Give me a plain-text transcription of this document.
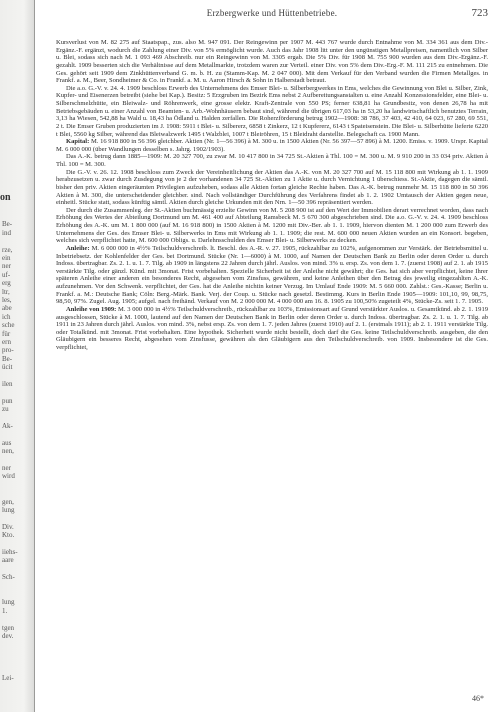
on
Be-
ind
rze,
ein
ner
uf-
erg
ltr,
les,
abe
ich
sche
für
ern
pro-
Be-
ücit
ilen
pun
zu
Ak-
aus
nen,
ner
wird
gen,
lung
Div.
Kto.
iiehs-
aare
Sch-
lung
1.
tgen
dev.
Lei-
Erzbergwerke und Hüttenbetriebe.	723

Kursverlust von M. 82 275 auf Staatspap., zus. also M. 947 091. Der Reingewinn per 1907 M. 443 767 wurde durch Entnahme von M. 334 361 aus dem Div.-Ergänz.-F. ergänzt, wodurch die Zahlung einer Div. von 5% ermöglicht wurde. Auch das Jahr 1908 litt unter den ungünstigen Metallpreisen, namentlich von Silber u. Blei, sodass sich nach M. 1 093 469 Abschreib. nur ein Reingewinn von M. 3305 ergab. Die 5% Div. für 1908 M. 755 900 wurden aus dem Div.-Ergänz.-F. gezahlt. 1909 besserten sich die Verhältnisse auf dem Metallmarkte, trotzdem waren zur Verteil. einer Div. von 5% dem Div.-Erg.-F. M. 111 215 zu entnehmen. Die Ges. gehört seit 1909 dem Zinkhüttenverband G. m. b. H. zu (Stamm-Kap. M. 2 047 000). Mit dem Verkauf für den Verband wurden die Firmen Metallges. in Frankf. a. M., Beer, Sondheimer & Co. in Frankf. a. M. u. Aaron Hirsch & Sohn in Halberstadt betraut.

Die a.o. G.-V. v. 24. 4. 1909 beschloss Erwerb des Unternehmens des Emser Blei- u. Silberbergwerkes in Ems, welches die Gewinnung von Blei u. Silber, Zink, Kupfer- und Eisenerzen betreibt (siehe bei Kap.). Besitz: 5 Erzgruben im Bezirk Ems nebst 2 Aufbereitungsanstalten u. eine Anzahl Konzessionsfelder, eine Blei- u. Silberschmelzhütte, ein Bleiwalz- und Röhrenwerk, eine grosse elektr. Kraft-Zentrale von 550 PS; ferner 638,81 ha Grundbesitz, von denen 26,78 ha mit Betriebsgebäuden u. einer Anzahl von Beamten- u. Arb.-Wohnhäusern bebaut sind, während die übrigen 617,03 ha in 53,20 ha landwirtschaftlich benutztes Terrain, 3,13 ha Wiesen, 542,88 ha Wald u. 18,43 ha Ödland u. Halden zerfallen. Die Roherzförderung betrug 1902—1908: 38 786, 37 403, 42 410, 64 023, 67 280, 69 551, 2 t. Die Emser Gruben produzierten im J. 1908: 5911 t Blei- u. Silbererz, 6858 t Zinkerz, 12 t Kupfererz, 6143 t Spateisenstein. Die Blei- u. Silberhütte lieferte 6220 t Blei, 5560 kg Silber, während das Bleiwalzwerk 1495 t Walzblei, 1007 t Bleiröhren, 15 t Bleidraht darstellte. Belegschaft ca. 1900 Mann.

Kapital: M. 16 918 800 in 56 396 gleichber. Aktien (Nr. 1—56 396) à M. 300 u. in 1500 Aktien (Nr. 56 397—57 896) à M. 1200. Emiss. v. 1909. Urspr. Kapital M. 6 000 000 (über Wandlungen desselben s. Jahrg. 1902/1903).

Das A.-K. betrug dann 1885—1909: M. 20 327 700, zu zwar M. 10 417 800 in 34 725 St.-Aktien à Thl. 100 = M. 300 u. M. 9 910 200 in 33 034 priv. Aktien à Thl. 100 = M. 300.

Die G.-V. v. 26. 12. 1908 beschloss zum Zweck der Vereinheitlichung der Aktien das A.-K. von M. 20 327 700 auf M. 15 118 800 mit Wirkung ab 1. 1. 1909 herabzusetzen u. zwar durch Zusdegung von je 2 der vorhandenen 34 725 St.-Aktien zu 1 Aktie u. durch Vernichtung 1 überschiess. St.-Aktie, dagegen die sämtl. bisher den priv. Aktien eingeräumten Privilegien aufzuheben, sodass alle Aktien fortan gleiche Rechte haben. Das A.-K. betrug nunmehr M. 15 118 800 in 50 396 Aktien à M. 300, die unterscheidender gleichber. sind. Nach vollständiger Durchführung des Verfahrens findet ab 1. 2. 1902 Umtausch der Aktien gegen neue, einheitl. Stücke statt, sodass künftig sämtl. Aktien durch gleiche Urkunden mit den Nrn. 1—50 396 repräsentiert werden.

Der durch die Zusammenleg. der St.-Aktien buchmässig erzielte Gewinn von M. 5 208 900 ist auf den Wert der Immobilien derart verrechnet worden, dass nach Erhöhung des Wertes der Abteilung Dortmund um M. 461 400 auf Abteilung Ramsbeck M. 5 670 300 abgeschrieben sind. Die a.o. G.-V. v. 24. 4. 1909 beschloss Erhöhung des A.-K. um M. 1 800 000 (auf M. 16 918 800) in 1500 Aktien à M. 1200 mit Div.-Ber. ab 1. 1. 1909, hiervon dienten M. 1 200 000 zum Erwerb des Unternehmens der Ges. des Emser Blei- u. Silberwerks in Ems mit Wirkung ab 1. 1. 1909; die rest. M. 600 000 neuen Aktien wurden an ein Konsort. begeben, welches sich verpflichtet hatte, M. 600 000 Obligs. u. Darlehnsschulden des Emser Blei- u. Silberwerks zu decken.

Anleihe: M. 6 000 000 in 4½% Teilschuldverschreib. lt. Beschl. des A.-R. v. 27. 1905, rückzahlbar zu 102%, aufgenommen zur Verstärk. der Betriebsmittel u. Inbetriebsetz. der Kohlenfelder der Ges. bei Dortmund. Stücke (Nr. 1—6000) à M. 1000, auf Namen der Deutschen Bank zu Berlin oder deren Order u. durch Indoss. übertragbar. Zs. 2. 1. u. 1. 7. Tilg. ab 1909 in längstens 22 Jahren durch jährl. Auslos. von mind. 3% u. ersp. Zs. von dem 1. 7. (zuerst 1908) auf 2. 1. ab 1915 verstärkte Tilg. oder gänzl. Künd. mit 3monat. Frist vorbehalten. Spezielle Sicherheit ist der Anleihe nicht gewährt; die Ges. hat sich aber verpflichtet, keine Ihrer späteren Anleihe einer anderen ein besonderes Recht, abgesehen vom Zinsfuss, gewähren, und keine Anleihen über den Betrag des jeweilig eingezahlten A.-K. aufzunehmen. Vor den Schwenk. verpflichtet, der Ges. hat die Anleihe nichtin keiner Verzug. Im Umlauf Ende 1909: M. 5 660 000. Zahlst.: Ges.-Kasse; Berlin u. Frankf. a. M.: Deutsche Bank; Cöln: Berg.-Märk. Bank. Verj. der Coup. u. Stücke nach gesetzl. Bestimmg. Kurs in Berlin Ende 1905—1909: 101,10, 99, 98,75, 98,50, 97%. Zugel. Aug. 1905; aufgel. nach freihänd. Verkauf von M. 2 000 000 M. 4 000 000 am 16. 8. 1905 zu 100,50% zugeteilt 4%, Stücke-Zs. seit 1. 7. 1905.

Anleihe von 1909: M. 3 000 000 in 4½% Teilschuldverschreib., rückzahlbar zu 103%, Emissionsart auf Grund verstärkter Auslos. u. Gesamtkünd. ab 2. 1. 1919 ausgeschlossen, Stücke à M. 1000, lautend auf den Namen der Deutschen Bank in Berlin oder deren Order u. durch Indoss. übertragbar. Zs. 2. 1. u. 1. 7. Tilg. ab 1911 in 23 Jahren durch jährl. Auslos. von mind. 3%, nebst ersp. Zs. von dem 1. 7. jeden Jahres (zuerst 1910) auf 2. 1. (erstmals 1911); ab 2. 1. 1911 verstärkte Tilg. oder Totalkünd. mit 3monat. Frist vorbehalten. Eine hypothek. Sicherheit wurde nicht bestellt, doch darf die Ges. keine Teilschuldverschreib. ausgeben, die den Gläubigern ein besseres Recht, abgesehen vom Zinsfusse, gewähren als den Gläubigern aus den Teilschuldverschreib. von 1909. Insbesondere ist die Ges. verpflichtet,

46*
